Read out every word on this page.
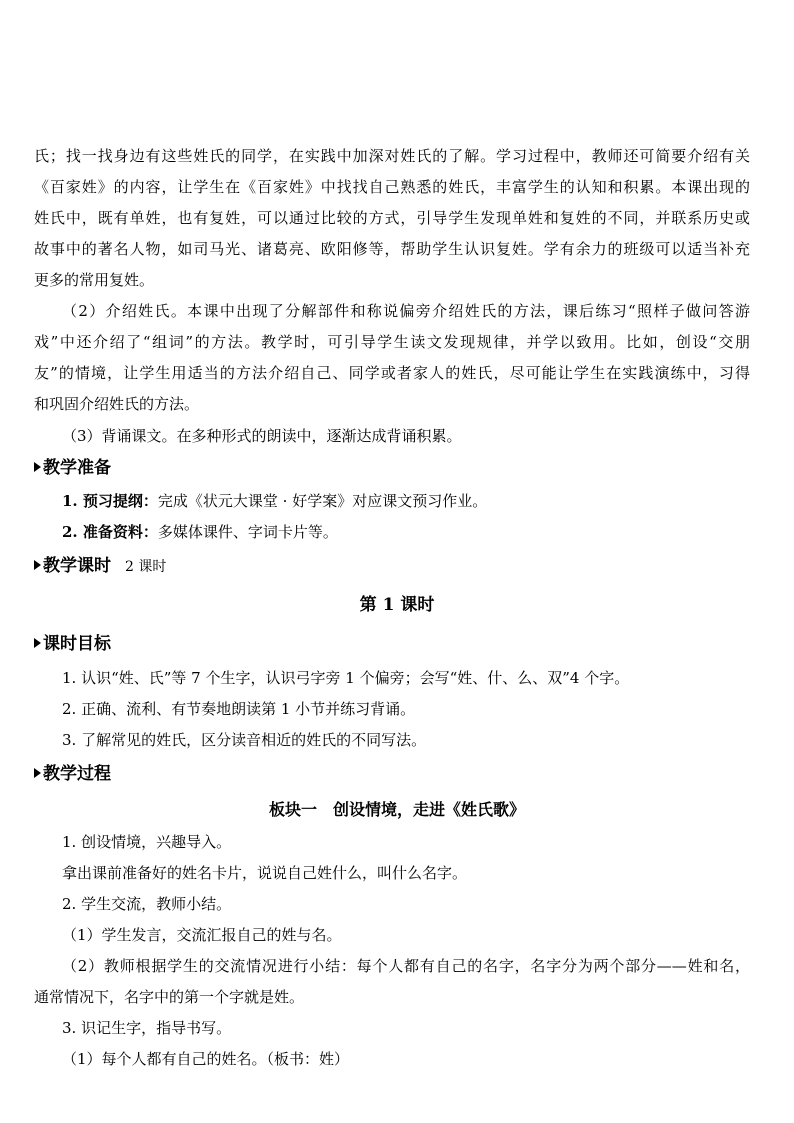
氏；找一找身边有这些姓氏的同学，在实践中加深对姓氏的了解。学习过程中，教师还可简要介绍有关
《百家姓》的内容，让学生在《百家姓》中找找自己熟悉的姓氏，丰富学生的认知和积累。本课出现的
姓氏中，既有单姓，也有复姓，可以通过比较的方式，引导学生发现单姓和复姓的不同，并联系历史或
故事中的著名人物，如司马光、诸葛亮、欧阳修等，帮助学生认识复姓。学有余力的班级可以适当补充
更多的常用复姓。
（2）介绍姓氏。本课中出现了分解部件和称说偏旁介绍姓氏的方法，课后练习“照样子做问答游
戏”中还介绍了“组词”的方法。教学时，可引导学生读文发现规律，并学以致用。比如，创设“交朋
友”的情境，让学生用适当的方法介绍自己、同学或者家人的姓氏，尽可能让学生在实践演练中，习得
和巩固介绍姓氏的方法。
（3）背诵课文。在多种形式的朗读中，逐渐达成背诵积累。
教学准备
1. 预习提纲：完成《状元大课堂 · 好学案》对应课文预习作业。
2. 准备资料：多媒体课件、字词卡片等。
教学课时 2 课时
第 1 课时
课时目标
1. 认识“姓、氏”等 7 个生字，认识弓字旁 1 个偏旁；会写“姓、什、么、双”4 个字。
2. 正确、流利、有节奏地朗读第 1 小节并练习背诵。
3. 了解常见的姓氏，区分读音相近的姓氏的不同写法。
教学过程
板块一　创设情境，走进《姓氏歌》
1. 创设情境，兴趣导入。
拿出课前准备好的姓名卡片，说说自己姓什么，叫什么名字。
2. 学生交流，教师小结。
（1）学生发言，交流汇报自己的姓与名。
（2）教师根据学生的交流情况进行小结：每个人都有自己的名字，名字分为两个部分——姓和名，
通常情况下，名字中的第一个字就是姓。
3. 识记生字，指导书写。
（1）每个人都有自己的姓名。（板书：姓）
